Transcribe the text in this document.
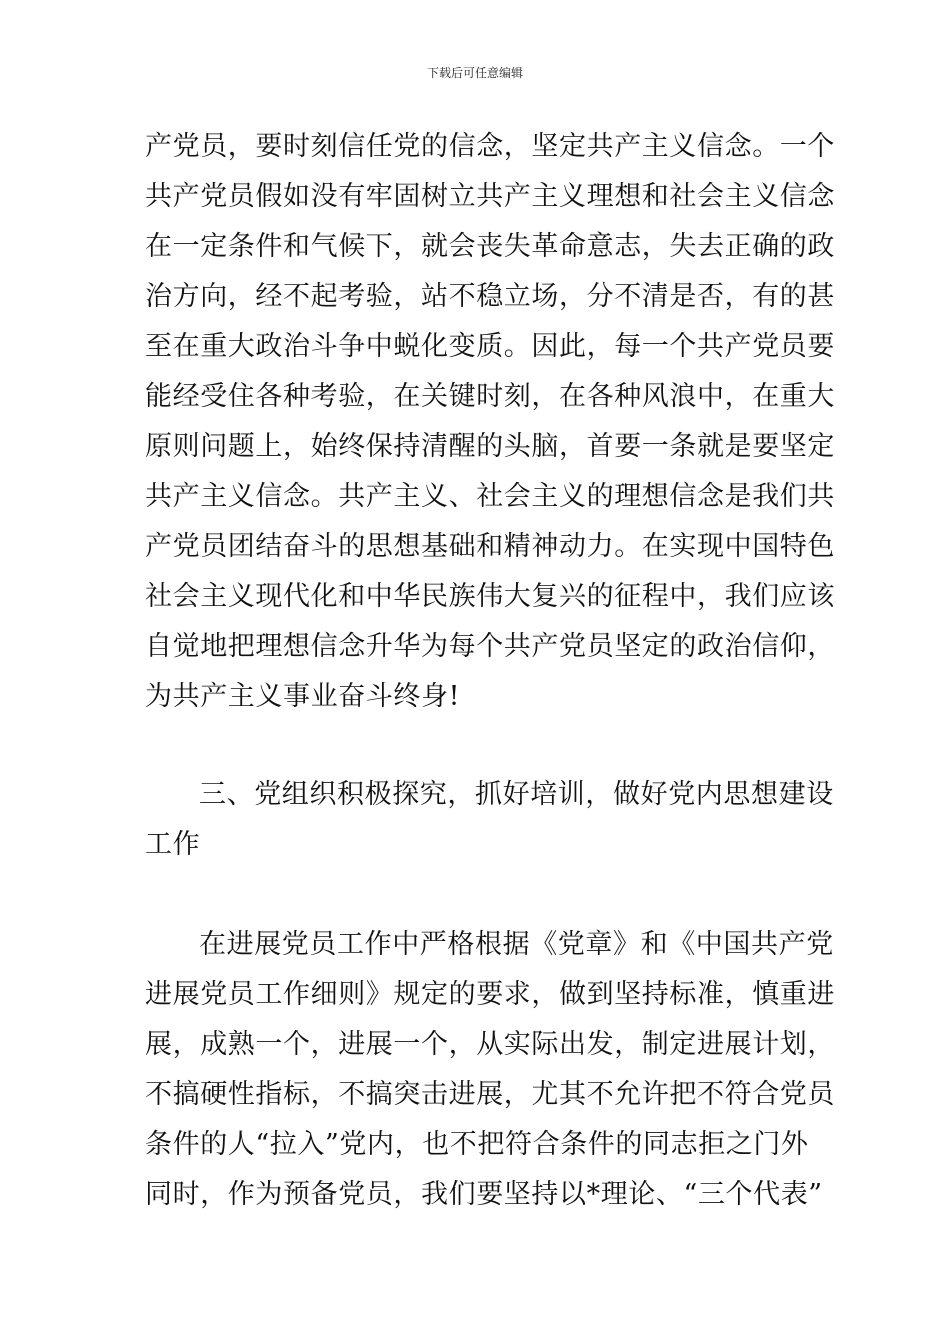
下载后可任意编辑
产党员，要时刻信任党的信念，坚定共产主义信念。一个
共产党员假如没有牢固树立共产主义理想和社会主义信念
在一定条件和气候下，就会丧失革命意志，失去正确的政
治方向，经不起考验，站不稳立场，分不清是否，有的甚
至在重大政治斗争中蜕化变质。因此，每一个共产党员要
能经受住各种考验，在关键时刻，在各种风浪中，在重大
原则问题上，始终保持清醒的头脑，首要一条就是要坚定
共产主义信念。共产主义、社会主义的理想信念是我们共
产党员团结奋斗的思想基础和精神动力。在实现中国特色
社会主义现代化和中华民族伟大复兴的征程中，我们应该
自觉地把理想信念升华为每个共产党员坚定的政治信仰，
为共产主义事业奋斗终身!
三、党组织积极探究，抓好培训，做好党内思想建设
工作
在进展党员工作中严格根据《党章》和《中国共产党
进展党员工作细则》规定的要求，做到坚持标准，慎重进
展，成熟一个，进展一个，从实际出发，制定进展计划，
不搞硬性指标，不搞突击进展，尤其不允许把不符合党员
条件的人“拉入”党内，也不把符合条件的同志拒之门外
同时，作为预备党员，我们要坚持以*理论、“三个代表”
